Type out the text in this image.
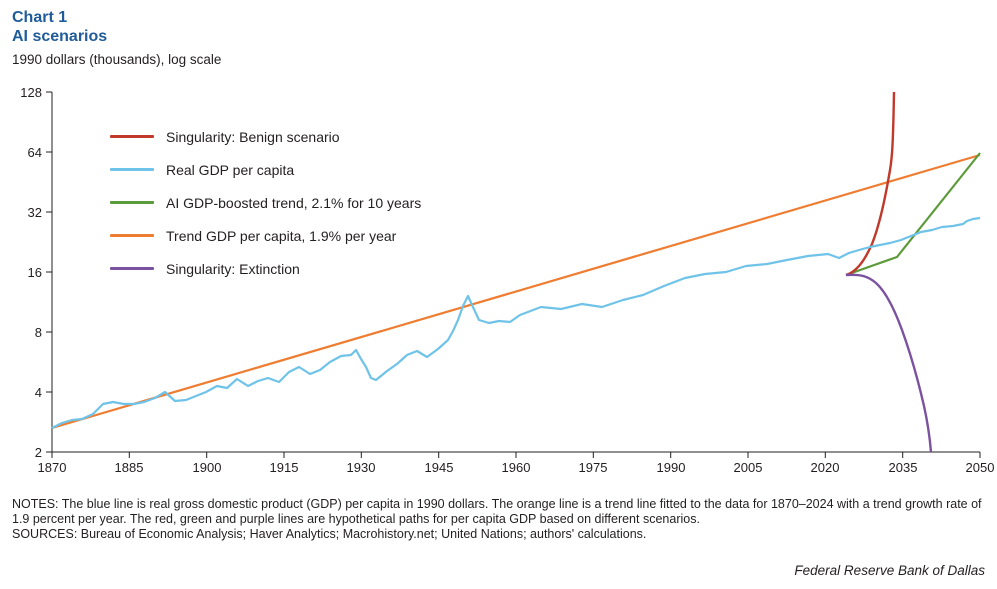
Chart 1
AI scenarios
1990 dollars (thousands), log scale
128
64
32
16
8
4
2
1870	1885	1900	1915	1930	1945	1960	1975	1990	2005	2020	2035	2050
Singularity: Benign scenario
Real GDP per capita
AI GDP-boosted trend, 2.1% for 10 years
Trend GDP per capita, 1.9% per year
Singularity: Extinction

NOTES: The blue line is real gross domestic product (GDP) per capita in 1990 dollars. The orange line is a trend line fitted to the data for 1870–2024 with a trend growth rate of 1.9 percent per year. The red, green and purple lines are hypothetical paths for per capita GDP based on different scenarios.

SOURCES: Bureau of Economic Analysis; Haver Analytics; Macrohistory.net; United Nations; authors' calculations.

Federal Reserve Bank of Dallas
